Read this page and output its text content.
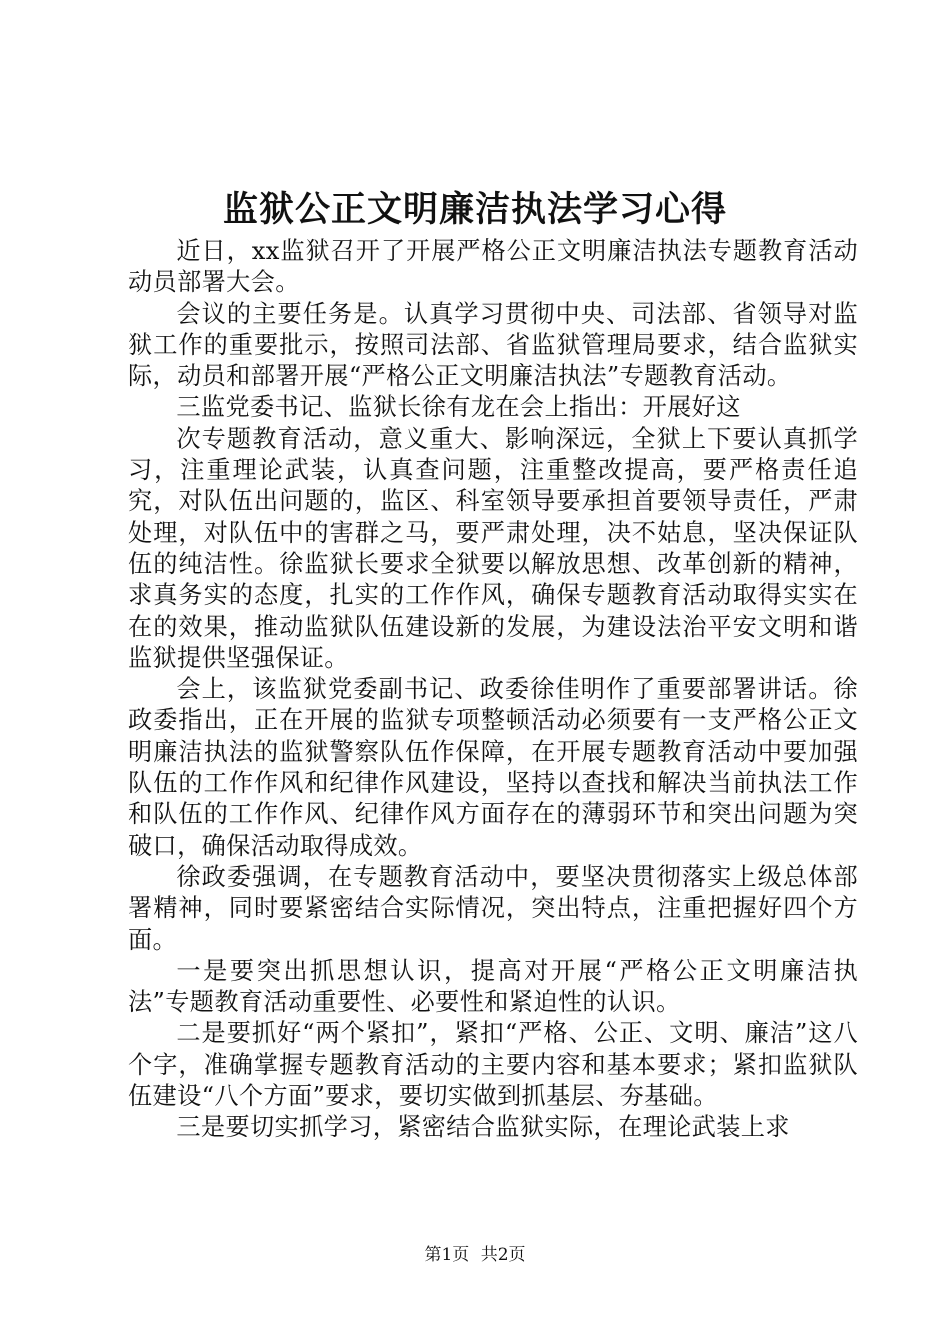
监狱公正文明廉洁执法学习心得

近日，xx监狱召开了开展严格公正文明廉洁执法专题教育活动动员部署大会。

会议的主要任务是。认真学习贯彻中央、司法部、省领导对监狱工作的重要批示，按照司法部、省监狱管理局要求，结合监狱实际，动员和部署开展“严格公正文明廉洁执法”专题教育活动。

三监党委书记、监狱长徐有龙在会上指出：开展好这

次专题教育活动，意义重大、影响深远，全狱上下要认真抓学习，注重理论武装，认真查问题，注重整改提高，要严格责任追究，对队伍出问题的，监区、科室领导要承担首要领导责任，严肃处理，对队伍中的害群之马，要严肃处理，决不姑息，坚决保证队伍的纯洁性。徐监狱长要求全狱要以解放思想、改革创新的精神，求真务实的态度，扎实的工作作风，确保专题教育活动取得实实在在的效果，推动监狱队伍建设新的发展，为建设法治平安文明和谐监狱提供坚强保证。

会上，该监狱党委副书记、政委徐佳明作了重要部署讲话。徐政委指出，正在开展的监狱专项整顿活动必须要有一支严格公正文明廉洁执法的监狱警察队伍作保障，在开展专题教育活动中要加强队伍的工作作风和纪律作风建设，坚持以查找和解决当前执法工作和队伍的工作作风、纪律作风方面存在的薄弱环节和突出问题为突破口，确保活动取得成效。

徐政委强调，在专题教育活动中，要坚决贯彻落实上级总体部署精神，同时要紧密结合实际情况，突出特点，注重把握好四个方面。

一是要突出抓思想认识，提高对开展“严格公正文明廉洁执法”专题教育活动重要性、必要性和紧迫性的认识。

二是要抓好“两个紧扣”，紧扣“严格、公正、文明、廉洁”这八个字，准确掌握专题教育活动的主要内容和基本要求；紧扣监狱队伍建设“八个方面”要求，要切实做到抓基层、夯基础。

三是要切实抓学习，紧密结合监狱实际，在理论武装上求

第1页 共2页
